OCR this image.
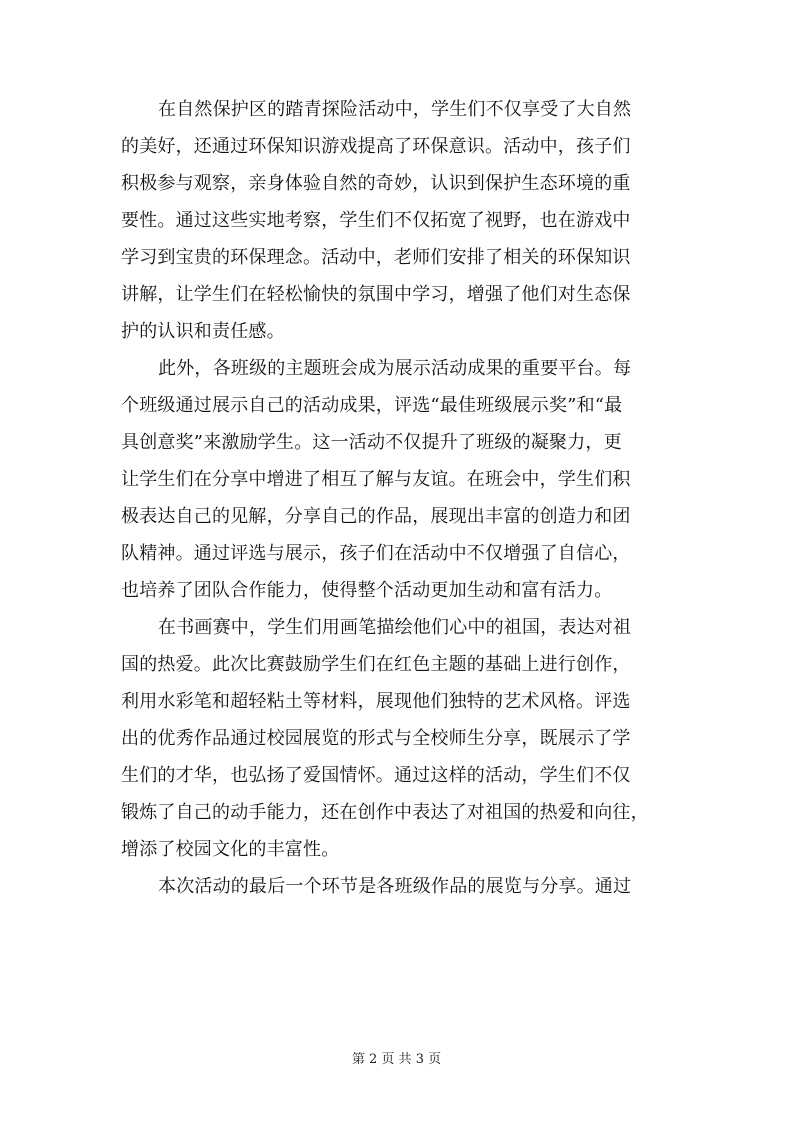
在自然保护区的踏青探险活动中，学生们不仅享受了大自然
的美好，还通过环保知识游戏提高了环保意识。活动中，孩子们
积极参与观察，亲身体验自然的奇妙，认识到保护生态环境的重
要性。通过这些实地考察，学生们不仅拓宽了视野，也在游戏中
学习到宝贵的环保理念。活动中，老师们安排了相关的环保知识
讲解，让学生们在轻松愉快的氛围中学习，增强了他们对生态保
护的认识和责任感。
此外，各班级的主题班会成为展示活动成果的重要平台。每
个班级通过展示自己的活动成果，评选“最佳班级展示奖”和“最
具创意奖”来激励学生。这一活动不仅提升了班级的凝聚力，更
让学生们在分享中增进了相互了解与友谊。在班会中，学生们积
极表达自己的见解，分享自己的作品，展现出丰富的创造力和团
队精神。通过评选与展示，孩子们在活动中不仅增强了自信心，
也培养了团队合作能力，使得整个活动更加生动和富有活力。
在书画赛中，学生们用画笔描绘他们心中的祖国，表达对祖
国的热爱。此次比赛鼓励学生们在红色主题的基础上进行创作，
利用水彩笔和超轻粘土等材料，展现他们独特的艺术风格。评选
出的优秀作品通过校园展览的形式与全校师生分享，既展示了学
生们的才华，也弘扬了爱国情怀。通过这样的活动，学生们不仅
锻炼了自己的动手能力，还在创作中表达了对祖国的热爱和向往，
增添了校园文化的丰富性。
本次活动的最后一个环节是各班级作品的展览与分享。通过
第 2 页 共 3 页
